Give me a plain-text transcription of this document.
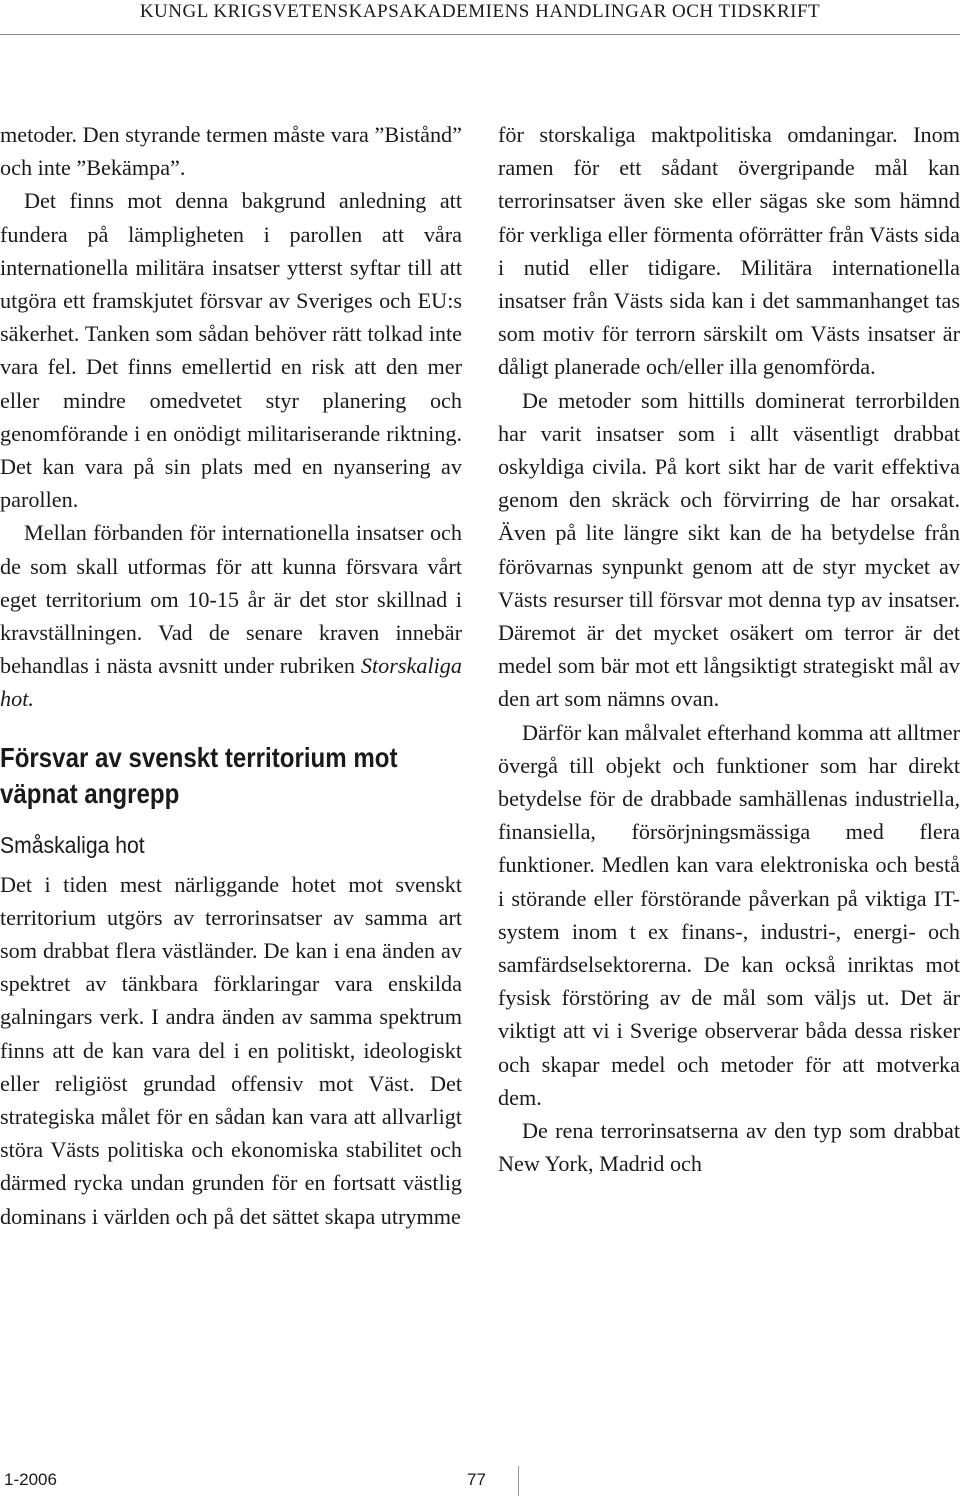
KUNGL KRIGSVETENSKAPSAKADEMIENS HANDLINGAR OCH TIDSKRIFT

metoder. Den styrande termen måste vara ”Bistånd” och inte ”Bekämpa”.

Det finns mot denna bakgrund anledning att fundera på lämpligheten i parollen att våra internationella militära insatser ytterst syftar till att utgöra ett framskjutet försvar av Sveriges och EU:s säkerhet. Tanken som sådan behöver rätt tolkad inte vara fel. Det finns emellertid en risk att den mer eller mindre omedvetet styr planering och genomförande i en onödigt militariserande riktning. Det kan vara på sin plats med en nyansering av parollen.

Mellan förbanden för internationella insatser och de som skall utformas för att kunna försvara vårt eget territorium om 10-15 år är det stor skillnad i kravställningen. Vad de senare kraven innebär behandlas i nästa avsnitt under rubriken Storskaliga hot.

Försvar av svenskt territorium mot väpnat angrepp
Småskaliga hot

Det i tiden mest närliggande hotet mot svenskt territorium utgörs av terrorinsatser av samma art som drabbat flera västländer. De kan i ena änden av spektret av tänkbara förklaringar vara enskilda galningars verk. I andra änden av samma spektrum finns att de kan vara del i en politiskt, ideologiskt eller religiöst grundad offensiv mot Väst. Det strategiska målet för en sådan kan vara att allvarligt störa Västs politiska och ekonomiska stabilitet och därmed rycka undan grunden för en fortsatt västlig dominans i världen och på det sättet skapa utrymme

för storskaliga maktpolitiska omdaningar. Inom ramen för ett sådant övergripande mål kan terrorinsatser även ske eller sägas ske som hämnd för verkliga eller förmenta oförrätter från Västs sida i nutid eller tidigare. Militära internationella insatser från Västs sida kan i det sammanhanget tas som motiv för terrorn särskilt om Västs insatser är dåligt planerade och/eller illa genomförda.

De metoder som hittills dominerat terrorbilden har varit insatser som i allt väsentligt drabbat oskyldiga civila. På kort sikt har de varit effektiva genom den skräck och förvirring de har orsakat. Även på lite längre sikt kan de ha betydelse från förövarnas synpunkt genom att de styr mycket av Västs resurser till försvar mot denna typ av insatser. Däremot är det mycket osäkert om terror är det medel som bär mot ett långsiktigt strategiskt mål av den art som nämns ovan.

Därför kan målvalet efterhand komma att alltmer övergå till objekt och funktioner som har direkt betydelse för de drabbade samhällenas industriella, finansiella, försörjningsmässiga med flera funktioner. Medlen kan vara elektroniska och bestå i störande eller förstörande påverkan på viktiga IT-system inom t ex finans-, industri-, energi- och samfärdselsektorerna. De kan också inriktas mot fysisk förstöring av de mål som väljs ut. Det är viktigt att vi i Sverige observerar båda dessa risker och skapar medel och metoder för att motverka dem.

De rena terrorinsatserna av den typ som drabbat New York, Madrid och

1-2006	77
